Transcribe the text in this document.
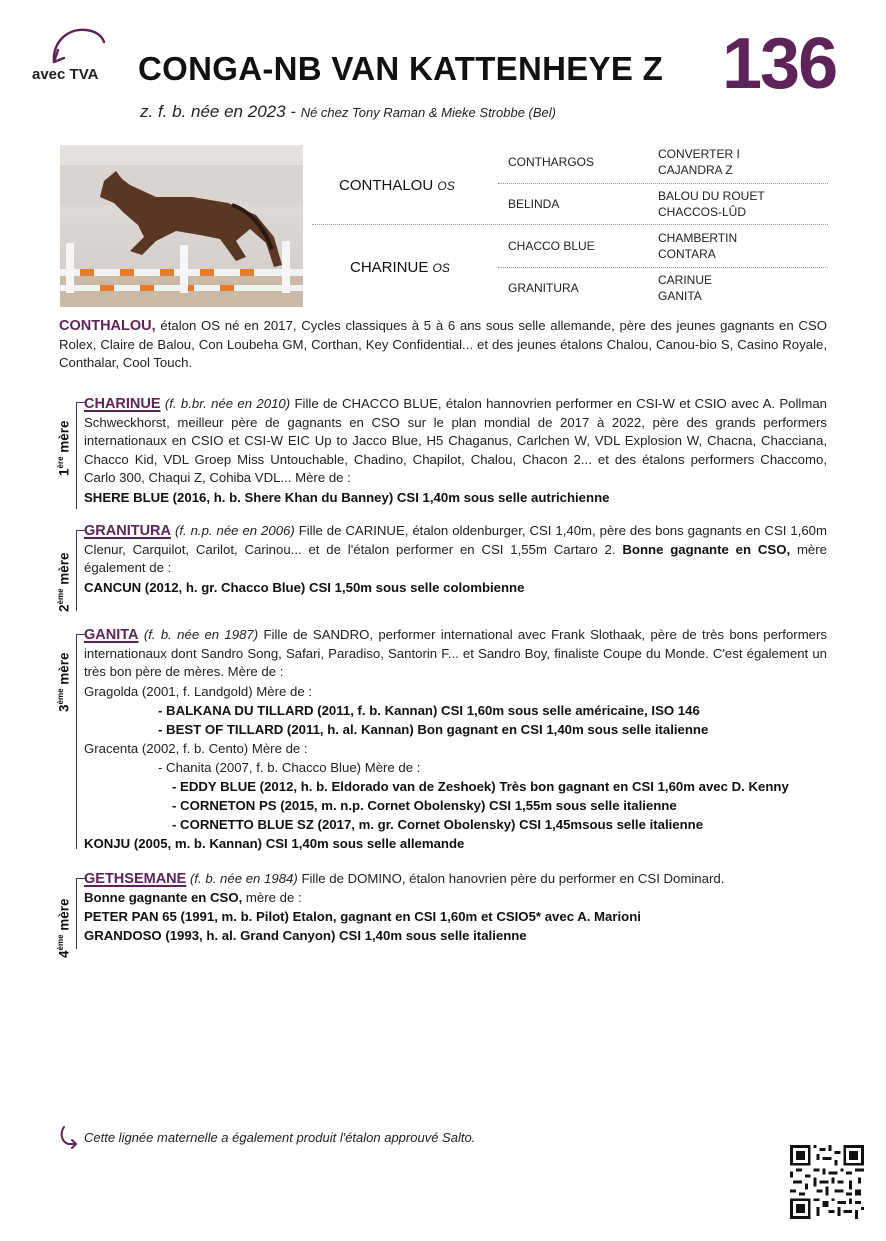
avec TVA CONGA-NB VAN KATTENHEYE Z 136
z. f. b. née en 2023 - Né chez Tony Raman & Mieke Strobbe (Bel)
CONTHALOU OS
CHARINUE OS
CONTHARGOS
BELINDA
CHACCO BLUE
GRANITURA
CONVERTER I
CAJANDRA Z
BALOU DU ROUET
CHACCOS-LÛD
CHAMBERTIN
CONTARA
CARINUE
GANITA
CONTHALOU, étalon OS né en 2017, Cycles classiques à 5 à 6 ans sous selle allemande, père des jeunes gagnants en CSO Rolex, Claire de Balou, Con Loubeha GM, Corthan, Key Confidential... et des jeunes étalons Chalou, Canou-bio S, Casino Royale, Conthalar, Cool Touch.
1ère mère
CHARINUE (f. b.br. née en 2010) Fille de CHACCO BLUE, étalon hannovrien performer en CSI-W et CSIO avec A. Pollman Schweckhorst, meilleur père de gagnants en CSO sur le plan mondial de 2017 à 2022, père des grands performers internationaux en CSIO et CSI-W EIC Up to Jacco Blue, H5 Chaganus, Carlchen W, VDL Explosion W, Chacna, Chacciana, Chacco Kid, VDL Groep Miss Untouchable, Chadino, Chapilot, Chalou, Chacon 2... et des étalons performers Chaccomo, Carlo 300, Chaqui Z, Cohiba VDL... Mère de :
SHERE BLUE (2016, h. b. Shere Khan du Banney) CSI 1,40m sous selle autrichienne
2ème mère
GRANITURA (f. n.p. née en 2006) Fille de CARINUE, étalon oldenburger, CSI 1,40m, père des bons gagnants en CSI 1,60m Clenur, Carquilot, Carilot, Carinou... et de l'étalon performer en CSI 1,55m Cartaro 2. Bonne gagnante en CSO, mère également de :
CANCUN (2012, h. gr. Chacco Blue) CSI 1,50m sous selle colombienne
3ème mère
GANITA (f. b. née en 1987) Fille de SANDRO, performer international avec Frank Slothaak, père de très bons performers internationaux dont Sandro Song, Safari, Paradiso, Santorin F... et Sandro Boy, finaliste Coupe du Monde. C'est également un très bon père de mères. Mère de :
Gragolda (2001, f. Landgold) Mère de :
- BALKANA DU TILLARD (2011, f. b. Kannan) CSI 1,60m sous selle américaine, ISO 146
- BEST OF TILLARD (2011, h. al. Kannan) Bon gagnant en CSI 1,40m sous selle italienne
Gracenta (2002, f. b. Cento) Mère de :
- Chanita (2007, f. b. Chacco Blue) Mère de :
- EDDY BLUE (2012, h. b. Eldorado van de Zeshoek) Très bon gagnant en CSI 1,60m avec D. Kenny
- CORNETON PS (2015, m. n.p. Cornet Obolensky) CSI 1,55m sous selle italienne
- CORNETTO BLUE SZ (2017, m. gr. Cornet Obolensky) CSI 1,45msous selle italienne
KONJU (2005, m. b. Kannan) CSI 1,40m sous selle allemande
4ème mère
GETHSEMANE (f. b. née en 1984) Fille de DOMINO, étalon hanovrien père du performer en CSI Dominard.
Bonne gagnante en CSO, mère de :
PETER PAN 65 (1991, m. b. Pilot) Etalon, gagnant en CSI 1,60m et CSIO5* avec A. Marioni
GRANDOSO (1993, h. al. Grand Canyon) CSI 1,40m sous selle italienne
Cette lignée maternelle a également produit l'étalon approuvé Salto.
